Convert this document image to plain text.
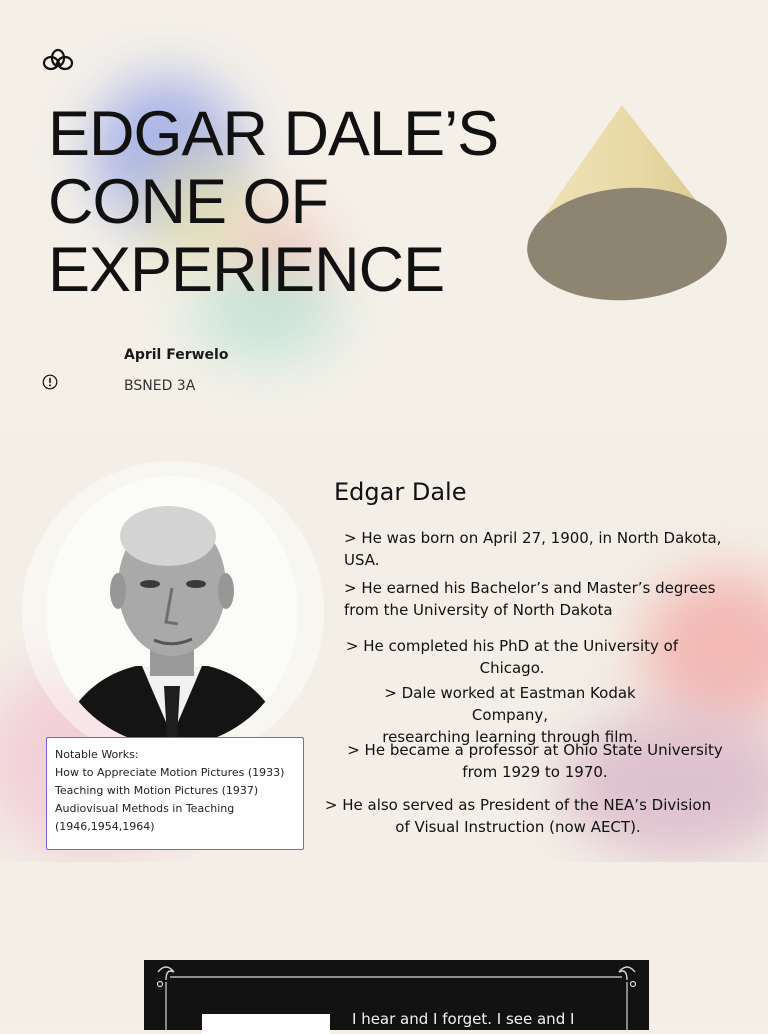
EDGAR DALE’S
CONE OF
EXPERIENCE
April Ferwelo
BSNED 3A
Notable Works:
How to Appreciate Motion Pictures (1933)
Teaching with Motion Pictures (1937)
Audiovisual Methods in Teaching
(1946,1954,1964)
Edgar Dale
> He was born on April 27, 1900, in North Dakota,
USA.
> He earned his Bachelor’s and Master’s degrees
from the University of North Dakota
> He completed his PhD at the University of
Chicago.
> Dale worked at Eastman Kodak Company,
researching learning through film.
> He became a professor at Ohio State University
from 1929 to 1970.
> He also served as President of the NEA’s Division
of Visual Instruction (now AECT).
I hear and I forget. I see and I
